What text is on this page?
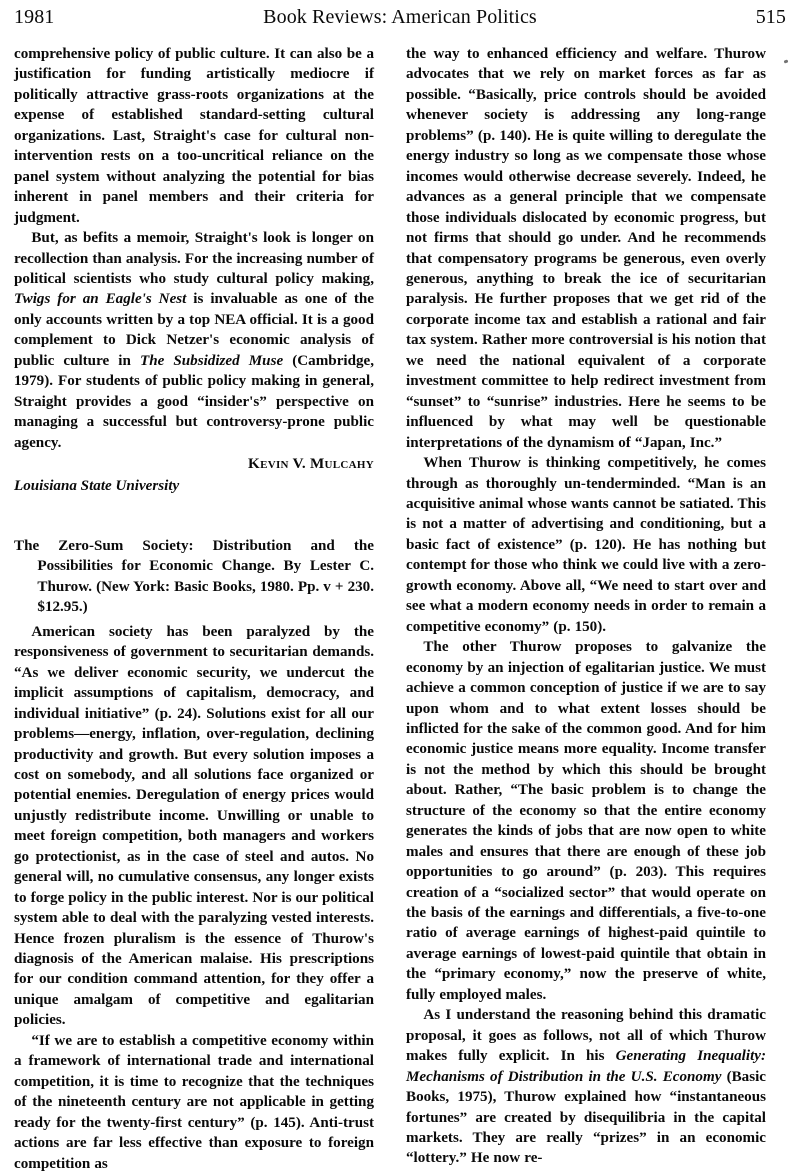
1981	Book Reviews: American Politics	515

comprehensive policy of public culture. It can also be a justification for funding artistically mediocre if politically attractive grass-roots organizations at the expense of established standard-setting cultural organizations. Last, Straight's case for cultural non-intervention rests on a too-uncritical reliance on the panel system without analyzing the potential for bias inherent in panel members and their criteria for judgment.

But, as befits a memoir, Straight's look is longer on recollection than analysis. For the increasing number of political scientists who study cultural policy making, Twigs for an Eagle's Nest is invaluable as one of the only accounts written by a top NEA official. It is a good complement to Dick Netzer's economic analysis of public culture in The Subsidized Muse (Cambridge, 1979). For students of public policy making in general, Straight provides a good “insider's” perspective on managing a successful but controversy-prone public agency.

Kevin V. Mulcahy
Louisiana State University
The Zero-Sum Society: Distribution and the Possibilities for Economic Change. By Lester C. Thurow. (New York: Basic Books, 1980. Pp. v + 230. $12.95.)

American society has been paralyzed by the responsiveness of government to securitarian demands. “As we deliver economic security, we undercut the implicit assumptions of capitalism, democracy, and individual initiative” (p. 24). Solutions exist for all our problems—energy, inflation, over-regulation, declining productivity and growth. But every solution imposes a cost on somebody, and all solutions face organized or potential enemies. Deregulation of energy prices would unjustly redistribute income. Unwilling or unable to meet foreign competition, both managers and workers go protectionist, as in the case of steel and autos. No general will, no cumulative consensus, any longer exists to forge policy in the public interest. Nor is our political system able to deal with the paralyzing vested interests. Hence frozen pluralism is the essence of Thurow's diagnosis of the American malaise. His prescriptions for our condition command attention, for they offer a unique amalgam of competitive and egalitarian policies.

“If we are to establish a competitive economy within a framework of international trade and international competition, it is time to recognize that the techniques of the nineteenth century are not applicable in getting ready for the twenty-first century” (p. 145). Anti-trust actions are far less effective than exposure to foreign competition as

the way to enhanced efficiency and welfare. Thurow advocates that we rely on market forces as far as possible. “Basically, price controls should be avoided whenever society is addressing any long-range problems” (p. 140). He is quite willing to deregulate the energy industry so long as we compensate those whose incomes would otherwise decrease severely. Indeed, he advances as a general principle that we compensate those individuals dislocated by economic progress, but not firms that should go under. And he recommends that compensatory programs be generous, even overly generous, anything to break the ice of securitarian paralysis. He further proposes that we get rid of the corporate income tax and establish a rational and fair tax system. Rather more controversial is his notion that we need the national equivalent of a corporate investment committee to help redirect investment from “sunset” to “sunrise” industries. Here he seems to be influenced by what may well be questionable interpretations of the dynamism of “Japan, Inc.”

When Thurow is thinking competitively, he comes through as thoroughly un-tenderminded. “Man is an acquisitive animal whose wants cannot be satiated. This is not a matter of advertising and conditioning, but a basic fact of existence” (p. 120). He has nothing but contempt for those who think we could live with a zero-growth economy. Above all, “We need to start over and see what a modern economy needs in order to remain a competitive economy” (p. 150).

The other Thurow proposes to galvanize the economy by an injection of egalitarian justice. We must achieve a common conception of justice if we are to say upon whom and to what extent losses should be inflicted for the sake of the common good. And for him economic justice means more equality. Income transfer is not the method by which this should be brought about. Rather, “The basic problem is to change the structure of the economy so that the entire economy generates the kinds of jobs that are now open to white males and ensures that there are enough of these job opportunities to go around” (p. 203). This requires creation of a “socialized sector” that would operate on the basis of the earnings and differentials, a five-to-one ratio of average earnings of highest-paid quintile to average earnings of lowest-paid quintile that obtain in the “primary economy,” now the preserve of white, fully employed males.

As I understand the reasoning behind this dramatic proposal, it goes as follows, not all of which Thurow makes fully explicit. In his Generating Inequality: Mechanisms of Distribution in the U.S. Economy (Basic Books, 1975), Thurow explained how “instantaneous fortunes” are created by disequilibria in the capital markets. They are really “prizes” in an economic “lottery.” He now re-
